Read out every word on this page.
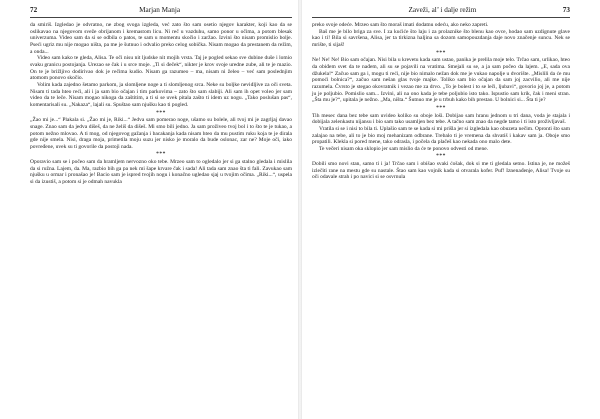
72	Marjan Manja

da smiriš. Izgledao je odvratno, ne zbog svoga izgleda, već zato što sam osetio njegov karakter, koji kao da se oslikavao na njegovom svežе obrijanom i kremastom licu. Ni reč u vazduhu, samo ponor u očima, a potom blesak univerzuma. Video sam da si se odbila o patos, te sam u momentu skočio i zaržao. Izvini što nisam promislio bolje. Pseći ugriz mu nije mogao ništa, pa me je šutnuo i odvalio preko celog sobička. Nisam mogao da prestanem da režim, a onda...

Video sam kako te gleda, Alisa. Te oči nisu nit ljudske nit mojih vrsta. Taj je pogled sekao sve dubine duše i lomio svaku granicu postojanja. Urezao se čak i u srce moje. „Ti si đeček“, nikter je krov svoje uredne zube, ali te je mazio. On te je brižljivo dodirivao dok je rečima kudio. Nisam ga razumeo – ma, nisam ni želeo – već sam poslednjim atomom ponovo skočio.

Volim kada zajedno šetamo parkom, ja slomljene noge a ti slomljenog srca. Neke su boljke nevidljive za oči sveta. Nisam ti tada hteo reći, ali i ja sam bio očajan i tim parkovima – zato što sam slabiji. Ali sam ih opet voleo jer sam video da te leče. Nisam mogao nikoga da zaštitim, a ti si se uvek pitala zašto ti idem uz nogu. „Tako poslušan pas“, komentarisali su. „Nakaza“, lajali su. Spuštao sam njušku kao ti pogled.

***

„Žao mi je...“ Plakala si. „Žao mi je, Riki...“ Jedva sam pomerao noge, ušamo su bolele, ali tvoj mi je zagrljaj davao snage. Znao sam da jedva dišeš, da ne želiš da dišeš. Mi smo bili jedno. Ja sam proživeo tvoj bol i to što te je tukao, a potom nežno mlovao. A ti mog, od njegovog gažanja i bacakanja kada nisam hteo da mu pustim ruku koja te je dirala gde nije smela. Nisi, draga moja, primetila moju suzu jer nisko je moralo da bude oslonac, zar ne? Moje oči, iako povređene, uvek su ti govorile da postoji nada.

***

Oporavio sam se i počeo sam da hramljem nervozno oko tebe. Mrzeo sam to ogledalo jer si ga stalno gledala i mislila da si ružna. Lajem, da. Ma, razbio bih ga pa nek mi šape krvare čak i sada! Ali tada sam znao šta ti fali. Zavukao sam njušku u ormar i pronašao je! Bacio sam je ispred tvojih nogu i konačno ugledao sjaj u tvojim očima. „Riki...“, uspela si da izustiš, a potom si je odmah navukla

Zaveži, al’ i dalje režim	73

preko svoje odeće. Mrzeo sam što moraš imati dodatnu odeću, ako neko zapreti.

Baš me je bilo briga za sve. I za kućiće što laju i za prolaznike što blenu kao ovce, hodao sam uzdignute glave kao i ti! Bila si savršena, Alisa, jer ta tirkizna haljina sa dozom samopouzdanja daje novo značenje suncu. Nek se mrište, ti sijaš!

***

Ne! Ne! Ne! Bio sam očajan. Nisi bila u krevetu kada sam ustao, panika je prelila moje telo. Trčao sam, urlikao, hteo da obiđem svet da te nađem, ali su se pojavili na vratima. Smejali su se, a ja sam počeo da lajem. „E, sada ova džukela!“ Začuo sam ga i, mogu ti reći, nije bio nimalo nežan dok me je vukao napolje u dvorište. „Mislili da će mu pomoći bolnica?“, začuo sam nešan glas tvoje majke. Toliko sam bio očajan da sam joj zacvilio, ali me nije razumela. Čvrsto je stegao okovratnik i vezao me za drvo. „To je bolest i to se leči, ljubavi“, govorio joj je, a potom ju je poljubio. Pomislio sam... Izvini, ali na ono kada je tebe poljubio isto tako. Ispustio sam krik, čak i meni stran. „Šta mu je?“, upitala je nežno. „Ma, ništa.“ Šutnuo me je u trbuh kako bih prestao. U bolnici si... Šta ti je?

***

Tih mesec dana bez tebe sam uvideo koliko su oboje loši. Dobijao sam hranu jednom u tri dana, voda je stajala i dobijala zelenkastu nijansu i bio sam tako usamljen bez tebe. A tačno sam znao da negde tamo i ti isto proživljavaš.

Vratila si se i nisi to bila ti. Uplašio sam te se kada si mi prišla jer si izgledala kao obuzeta nečim. Opronti što sam zalajao na tebe, ali to je bio moj mehanizam odbrane. Trebalo ti je vremena da shvatiš i kakav sam ja. Oboje smo propatili. Klekla si pored mene, tako odrasla, i počela da plačeš kao nekada ono malo dete.

Te večeri nisam oka sklopio jer sam mislio da će te ponovo odvesti od mene.

***

Dobili smo novi stan, samo ti i ja! Trčao sam i obišao svaki ćošak, dok si me ti gledala setno. Istina je, ne možeš izlečiti rane na mestu gde su nastale. Štao sam kao vojnik kada si otvarala kofer. Puf! Iznenađenje, Alisa! Tvoje su oči odavale strah i po navici si se osvrnula
